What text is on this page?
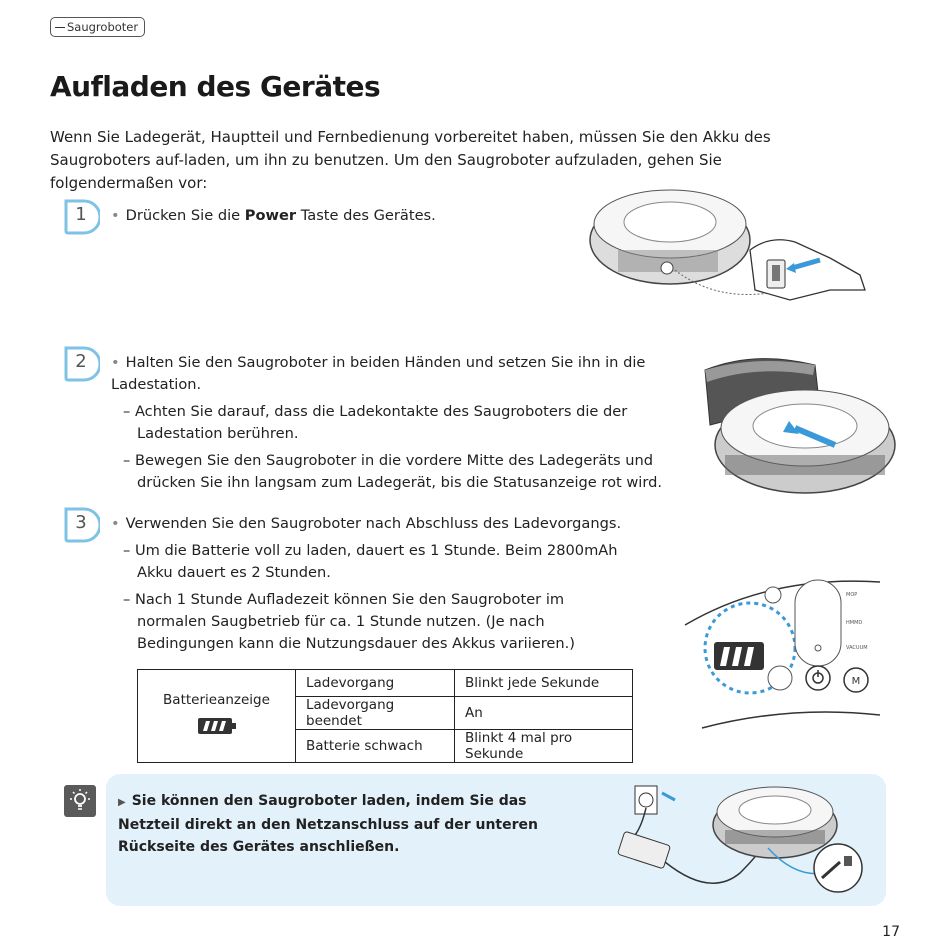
Saugroboter
Aufladen des Gerätes
Wenn Sie Ladegerät, Hauptteil und Fernbedienung vorbereitet haben, müssen Sie den Akku des Saugroboters auf-laden, um ihn zu benutzen. Um den Saugroboter aufzuladen, gehen Sie folgendermaßen vor:
1	• Drücken Sie die Power Taste des Gerätes.
2	• Halten Sie den Saugroboter in beiden Händen und setzen Sie ihn in die Ladestation.
– Achten Sie darauf, dass die Ladekontakte des Saugroboters die der Ladestation berühren.
– Bewegen Sie den Saugroboter in die vordere Mitte des Ladegeräts und drücken Sie ihn langsam zum Ladegerät, bis die Statusanzeige rot wird.
3	• Verwenden Sie den Saugroboter nach Abschluss des Ladevorgangs.
– Um die Batterie voll zu laden, dauert es 1 Stunde. Beim 2800mAh Akku dauert es 2 Stunden.
– Nach 1 Stunde Aufladezeit können Sie den Saugroboter im normalen Saugbetrieb für ca. 1 Stunde nutzen. (Je nach Bedingungen kann die Nutzungsdauer des Akkus variieren.)
Batterieanzeige	Ladevorgang	Blinkt jede Sekunde
	Ladevorgang beendet	An
	Batterie schwach	Blinkt 4 mal pro Sekunde
M
MOP
HMMD
VACUUM
▶ Sie können den Saugroboter laden, indem Sie das Netzteil direkt an den Netzanschluss auf der unteren Rückseite des Gerätes anschließen.
17
